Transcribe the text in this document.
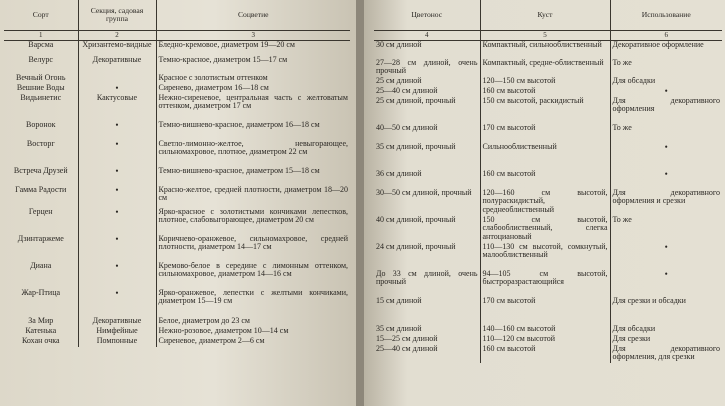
Сорт	Секция, садовая группа	Соцветие
1	2	3
Варсма	Хризантемо-видные	Бледно-кремовое, диаметром 19—20 см
Велурс	Декоративные	Темно-красное, диаметром 15—17 см
Вечный Огонь		Красное с золотистым оттенком
Вешние Воды	•	Сиренево, диаметром 16—18 см
Видьинетис	Кактусовые	Нежно-сиреневое, центральная часть с желтоватым оттенком, диаметром 17 см
Воронок	•	Темно-вишнево-красное, диаметром 16—18 см
Восторг	•	Светло-лимонно-желтое, невыгорающее, сильномахровое, плотное, диаметром 22 см
Встреча Друзей	•	Темно-вишнево-красное, диаметром 15—18 см
Гамма Радости	•	Красно-желтое, средней плотности, диаметром 18—20 см
Герцен	•	Ярко-красное с золотистыми кончиками лепестков, плотное, слабовыгорающее, диаметром 20 см
Дзинтаржеме	•	Коричнево-оранжевое, сильномахровое, средней плотности, диаметром 14—17 см
Диана	•	Кремово-белое в середине с лимонным оттенком, сильномахровое, диаметром 14—16 см
Жар-Птица	•	Ярко-оранжевое, лепестки с желтыми кончиками, диаметром 15—19 см
За Мир	Декоративные	Белое, диаметром до 23 см
Катенька	Нимфейные	Нежно-розовое, диаметром 10—14 см
Кохан очка	Помпонные	Сиреневое, диаметром 2—6 см
Цветонос	Куст	Использование
4	5	6
30 см длиной	Компактный, сильнооблиственный	Декоративное оформление
27—28 см длиной, очень прочный	Компактный, средне-облиственный	То же
25 см длиной	120—150 см высотой	Для обсадки
25—40 см длиной	160 см высотой	•
25 см длиной, прочный	150 см высотой, раскидистый	Для декоративного оформления
40—50 см длиной	170 см высотой	То же
35 см длиной, прочный	Сильнооблиственный	•
36 см длиной	160 см высотой	•
30—50 см длиной, прочный	120—160 см высотой, полураскидистый, среднеоблиственный	Для декоративного оформления и срезки
40 см длиной, прочный	150 см высотой, слабооблиственный, слегка антоциановый	То же
24 см длиной, прочный	110—130 см высотой, сомкнутый, малооблиственный	•
До 33 см длиной, очень прочный	94—105 см высотой, быстроразрастающийся	•
15 см длиной	170 см высотой	Для срезки и обсадки
35 см длиной	140—160 см высотой	Для обсадки
15—25 см длиной	110—120 см высотой	Для срезки
25—40 см длиной	160 см высотой	Для декоративного оформления, для срезки
